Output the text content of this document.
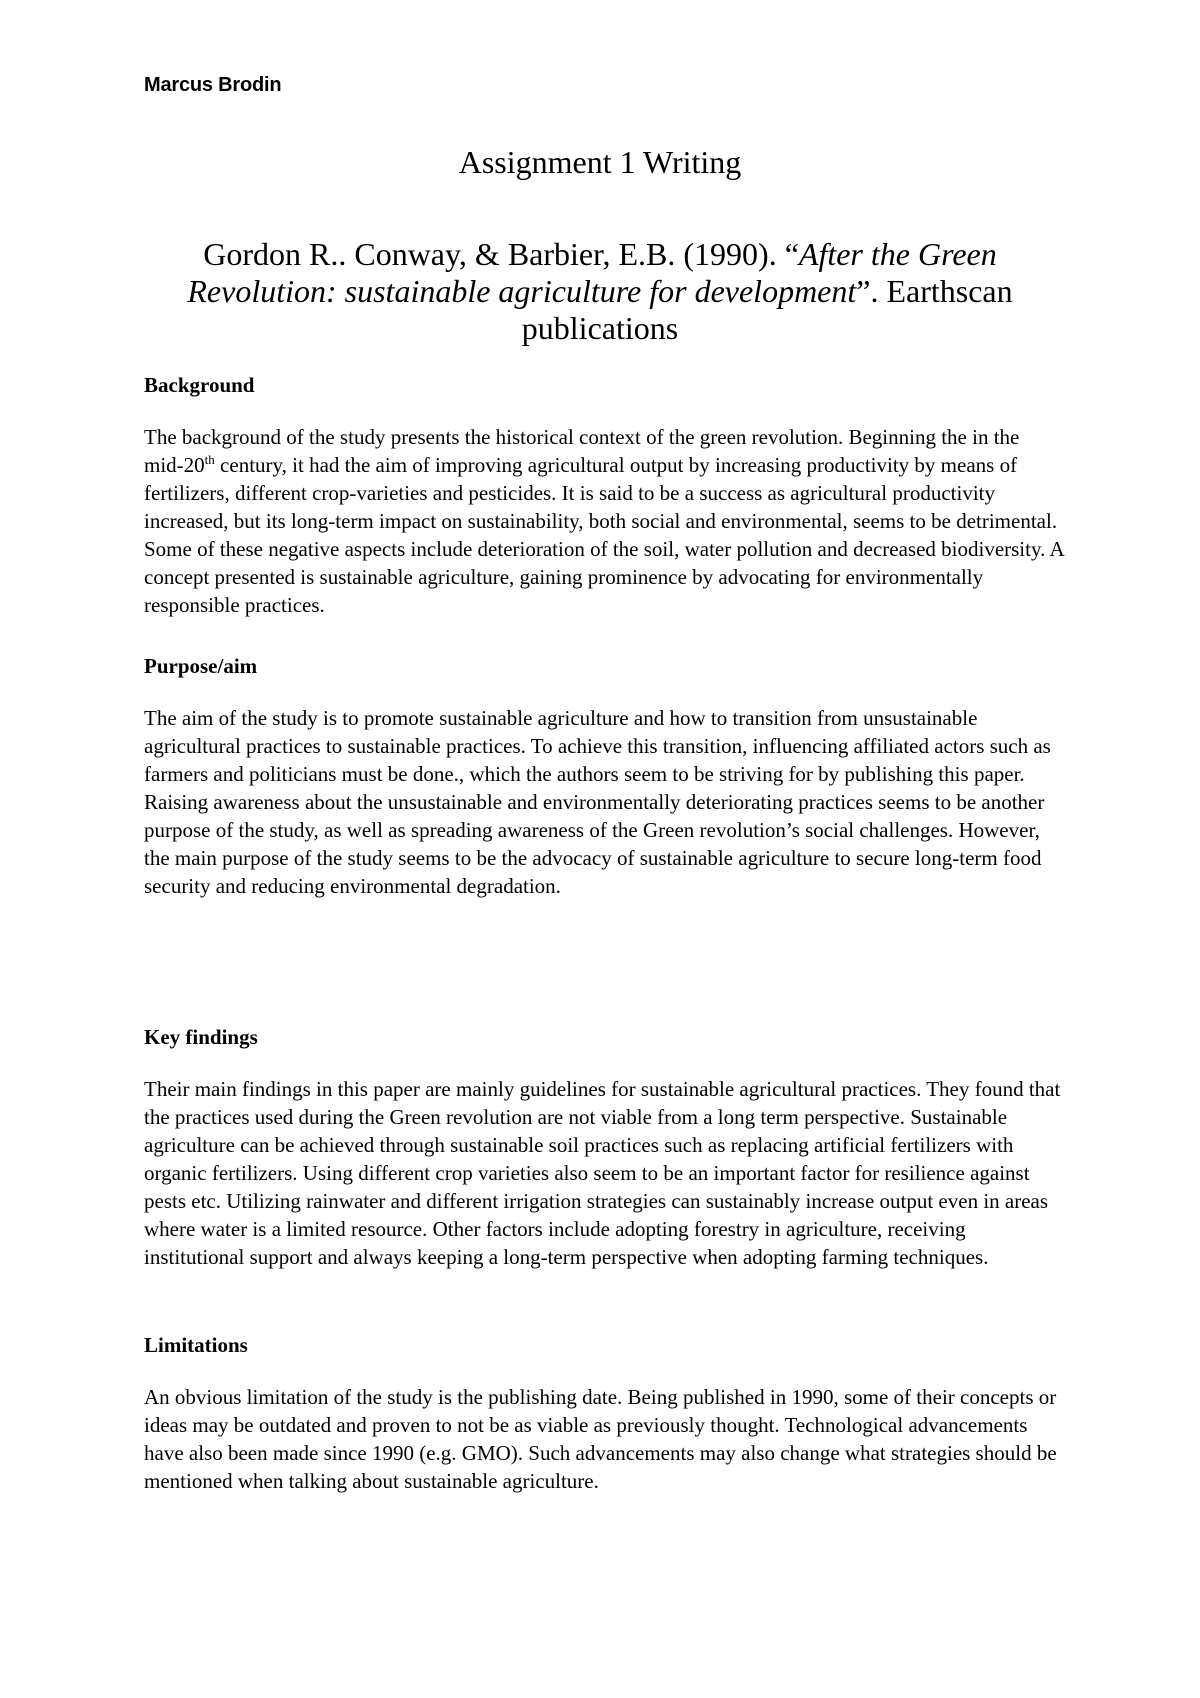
Marcus Brodin
Assignment 1 Writing
Gordon R.. Conway, & Barbier, E.B. (1990). “After the Green Revolution: sustainable agriculture for development”. Earthscan publications

Background

The background of the study presents the historical context of the green revolution. Beginning the in the mid-20th century, it had the aim of improving agricultural output by increasing productivity by means of fertilizers, different crop-varieties and pesticides. It is said to be a success as agricultural productivity increased, but its long-term impact on sustainability, both social and environmental, seems to be detrimental. Some of these negative aspects include deterioration of the soil, water pollution and decreased biodiversity. A concept presented is sustainable agriculture, gaining prominence by advocating for environmentally responsible practices.

Purpose/aim

The aim of the study is to promote sustainable agriculture and how to transition from unsustainable agricultural practices to sustainable practices. To achieve this transition, influencing affiliated actors such as farmers and politicians must be done., which the authors seem to be striving for by publishing this paper. Raising awareness about the unsustainable and environmentally deteriorating practices seems to be another purpose of the study, as well as spreading awareness of the Green revolution’s social challenges. However, the main purpose of the study seems to be the advocacy of sustainable agriculture to secure long-term food security and reducing environmental degradation.

Key findings

Their main findings in this paper are mainly guidelines for sustainable agricultural practices. They found that the practices used during the Green revolution are not viable from a long term perspective. Sustainable agriculture can be achieved through sustainable soil practices such as replacing artificial fertilizers with organic fertilizers. Using different crop varieties also seem to be an important factor for resilience against pests etc. Utilizing rainwater and different irrigation strategies can sustainably increase output even in areas where water is a limited resource. Other factors include adopting forestry in agriculture, receiving institutional support and always keeping a long-term perspective when adopting farming techniques.

Limitations

An obvious limitation of the study is the publishing date. Being published in 1990, some of their concepts or ideas may be outdated and proven to not be as viable as previously thought. Technological advancements have also been made since 1990 (e.g. GMO). Such advancements may also change what strategies should be mentioned when talking about sustainable agriculture.
